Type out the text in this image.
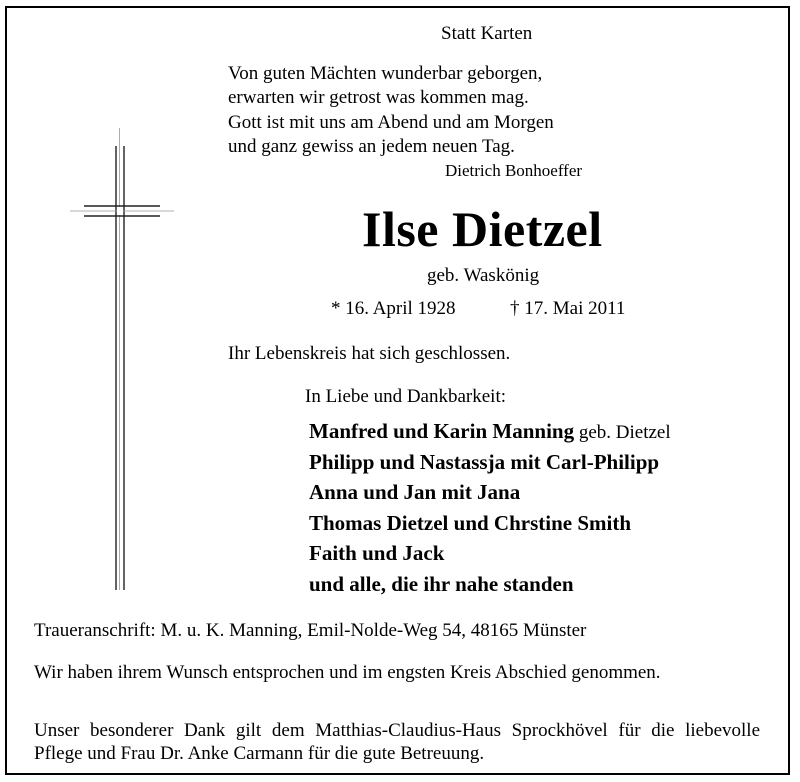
Statt Karten
Von guten Mächten wunderbar geborgen,
erwarten wir getrost was kommen mag.
Gott ist mit uns am Abend und am Morgen
und ganz gewiss an jedem neuen Tag.
Dietrich Bonhoeffer
Ilse Dietzel
geb. Waskönig
* 16. April 1928	† 17. Mai 2011
Ihr Lebenskreis hat sich geschlossen.
In Liebe und Dankbarkeit:
Manfred und Karin Manning geb. Dietzel
Philipp und Nastassja mit Carl-Philipp
Anna und Jan mit Jana
Thomas Dietzel und Chrstine Smith
Faith und Jack
und alle, die ihr nahe standen
Traueranschrift: M. u. K. Manning, Emil-Nolde-Weg 54, 48165 Münster
Wir haben ihrem Wunsch entsprochen und im engsten Kreis Abschied genommen.
Unser besonderer Dank gilt dem Matthias-Claudius-Haus Sprockhövel für die liebevolle Pflege und Frau Dr. Anke Carmann für die gute Betreuung.
